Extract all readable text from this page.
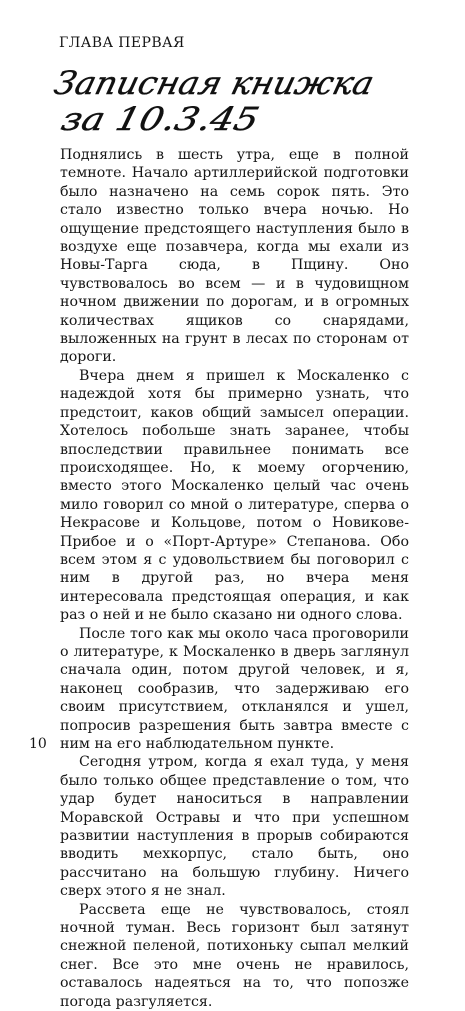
ГЛАВА ПЕРВАЯ

Записная книжка
за 10.3.45

Поднялись в шесть утра, еще в полной темноте. Начало артиллерийской подготовки было назначено на семь сорок пять. Это стало известно только вчера ночью. Но ощущение предстоящего наступления было в воздухе еще позавчера, когда мы ехали из Новы-Тарга сюда, в Пщину. Оно чувствовалось во всем — и в чудовищном ночном движении по дорогам, и в огромных количествах ящиков со снарядами, выложенных на грунт в лесах по сторонам от дороги.

Вчера днем я пришел к Москаленко с надеждой хотя бы примерно узнать, что предстоит, каков общий замысел операции. Хотелось побольше знать заранее, чтобы впоследствии правильнее понимать все происходящее. Но, к моему огорчению, вместо этого Москаленко целый час очень мило говорил со мной о литературе, сперва о Некрасове и Кольцове, потом о Новикове-Прибое и о «Порт-Артуре» Степанова. Обо всем этом я с удовольствием бы поговорил с ним в другой раз, но вчера меня интересовала предстоящая операция, и как раз о ней и не было сказано ни одного слова.

После того как мы около часа проговорили о литературе, к Москаленко в дверь заглянул сначала один, потом другой человек, и я, наконец сообразив, что задерживаю его своим присутствием, откланялся и ушел, попросив разрешения быть завтра вместе с ним на его наблюдательном пункте.

Сегодня утром, когда я ехал туда, у меня было только общее представление о том, что удар будет наноситься в направлении Моравской Остравы и что при успешном развитии наступления в прорыв собираются вводить мехкорпус, стало быть, оно рассчитано на большую глубину. Ничего сверх этого я не знал.

Рассвета еще не чувствовалось, стоял ночной туман. Весь горизонт был затянут снежной пеленой, потихоньку сыпал мелкий снег. Все это мне очень не нравилось, оставалось надеяться на то, что попозже погода разгуляется.

10
